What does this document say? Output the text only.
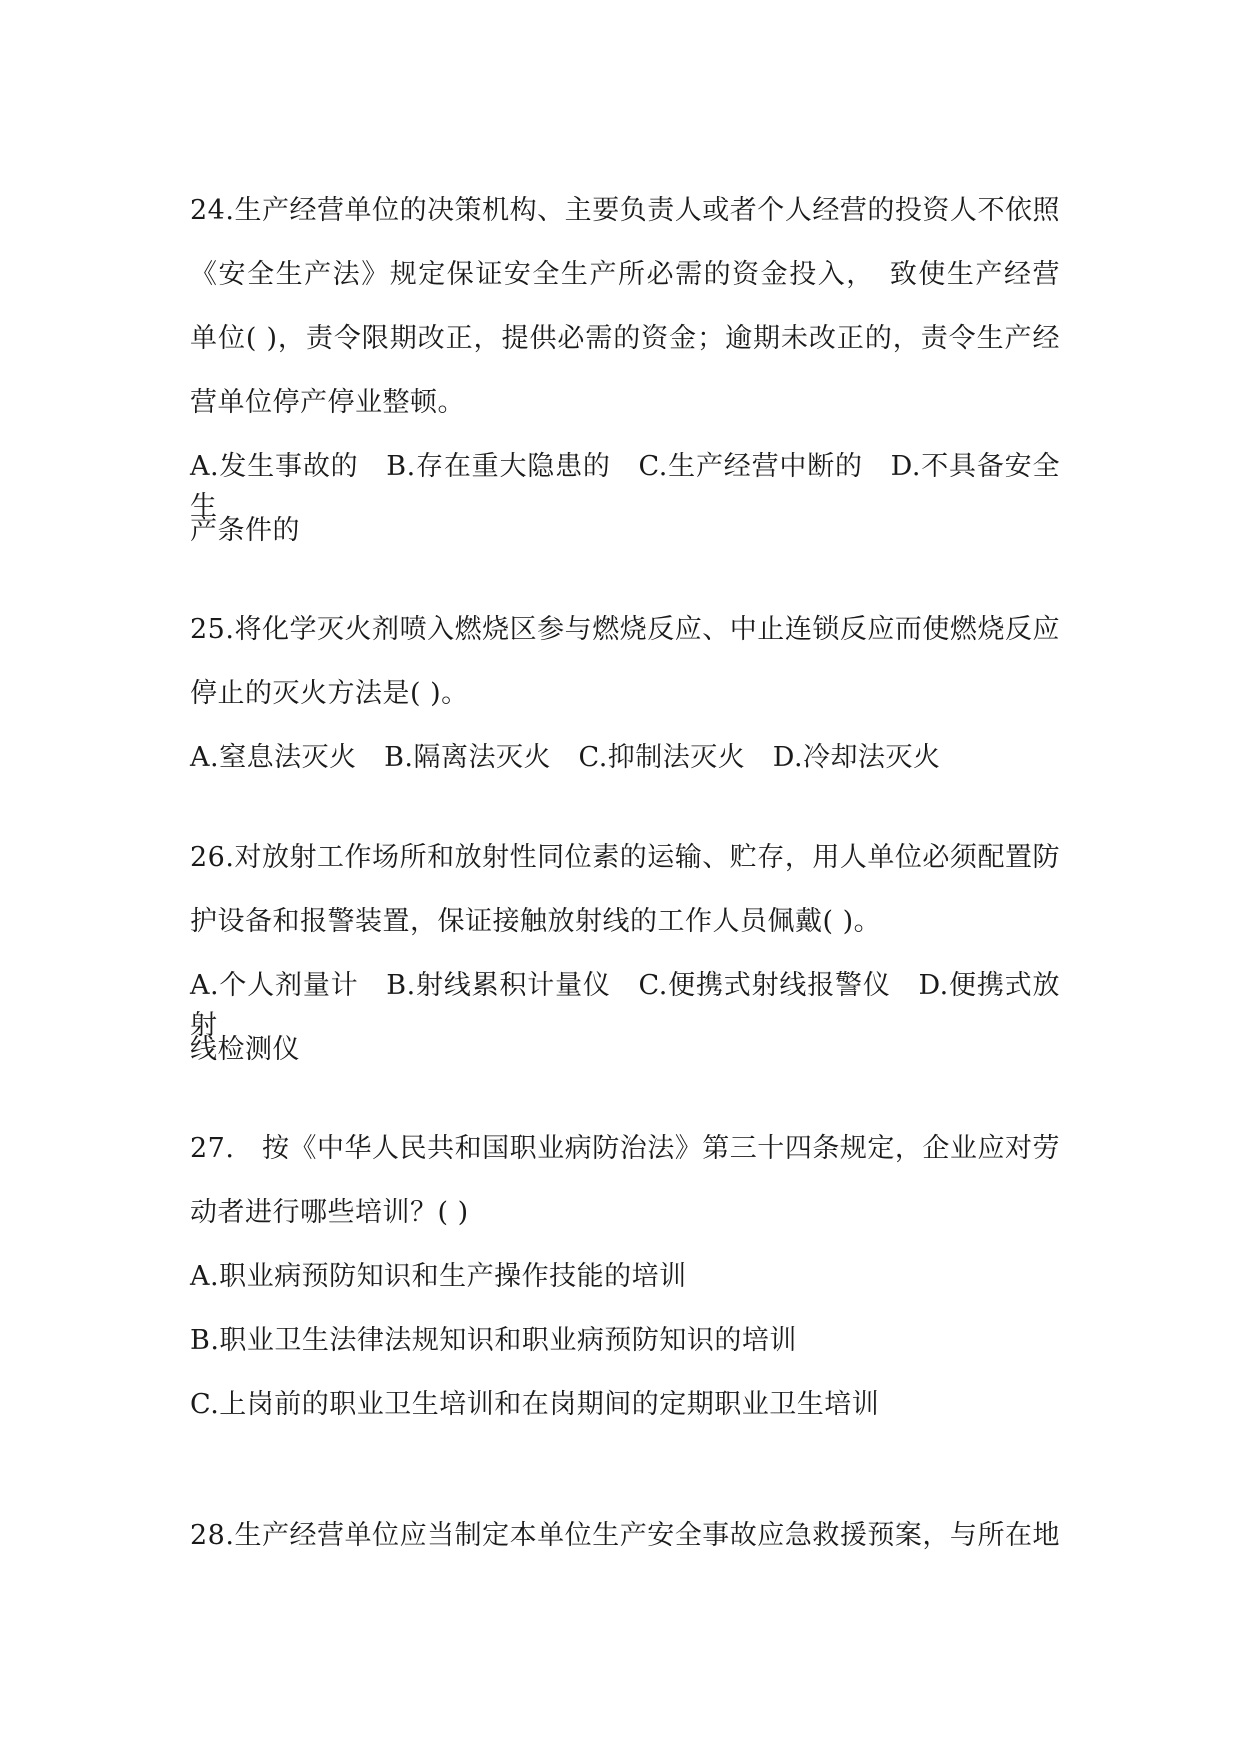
24.生产经营单位的决策机构、主要负责人或者个人经营的投资人不依照
《安全生产法》规定保证安全生产所必需的资金投入，　致使生产经营
单位( )，责令限期改正，提供必需的资金；逾期未改正的，责令生产经
营单位停产停业整顿。
A.发生事故的　B.存在重大隐患的　C.生产经营中断的　D.不具备安全生
产条件的
25.将化学灭火剂喷入燃烧区参与燃烧反应、中止连锁反应而使燃烧反应
停止的灭火方法是( )。
A.窒息法灭火　B.隔离法灭火　C.抑制法灭火　D.冷却法灭火
26.对放射工作场所和放射性同位素的运输、贮存，用人单位必须配置防
护设备和报警装置，保证接触放射线的工作人员佩戴( )。
A.个人剂量计　B.射线累积计量仪　C.便携式射线报警仪　D.便携式放射
线检测仪
27.　按《中华人民共和国职业病防治法》第三十四条规定，企业应对劳
动者进行哪些培训？( )
A.职业病预防知识和生产操作技能的培训
B.职业卫生法律法规知识和职业病预防知识的培训
C.上岗前的职业卫生培训和在岗期间的定期职业卫生培训
28.生产经营单位应当制定本单位生产安全事故应急救援预案，与所在地
